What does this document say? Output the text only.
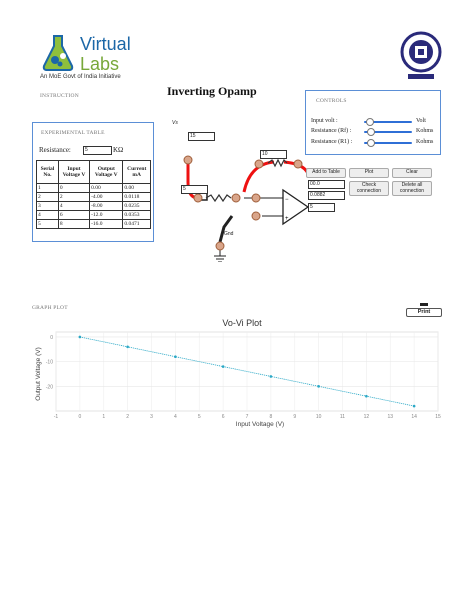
Virtual
Labs
An MoE Govt of India Initiative
Inverting Opamp
INSTRUCTION
EXPERIMENTAL TABLE
Resistance:	5	KΩ
Serial No.	Input Voltage V	Output Voltage V	Current mA
1	0	0.00	0.00
2	2	-4.00	0.0118
3	4	-8.00	0.0235
4	6	-12.0	0.0353
5	8	-16.0	0.0471
−
+
Vs
15
10
5
Gnd
CONTROLS
Input volt :	Volt
Resistance (Rf) :	Kohms
Resistance (R1) :	Kohms
Add to Table	Plot	Clear
Check connection
Delete all connection
00.0
0.0882
5
GRAPH PLOT
Print
Vo-Vi Plot
Input Voltage (V)
Output Voltage (V)
-1	0	1	2	3	4	5	6	7	8	9	10	11	12	13	14	15
0
-10
-20
